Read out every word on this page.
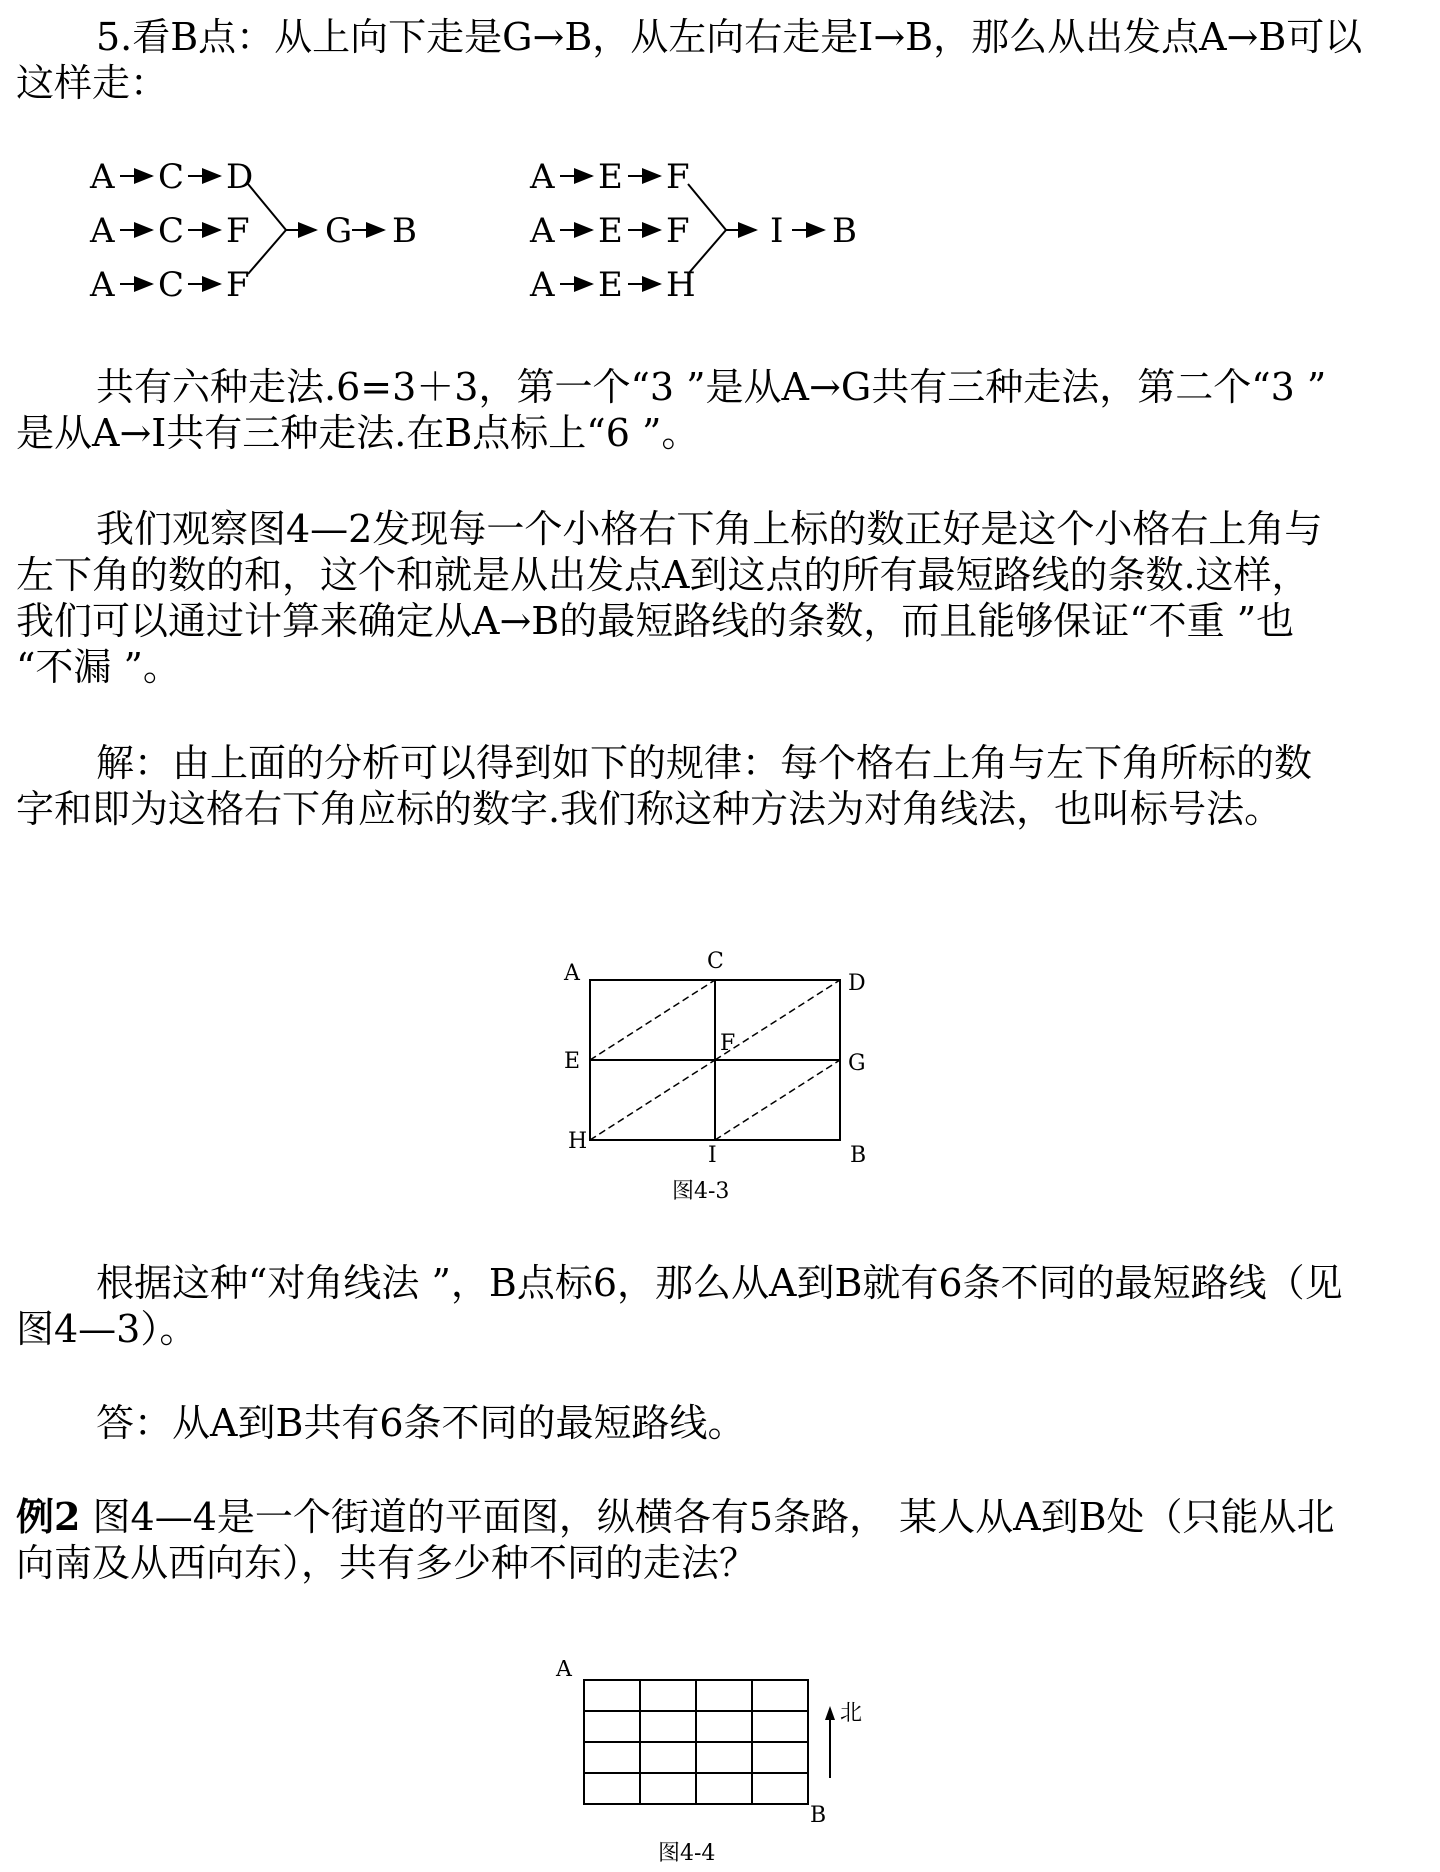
5.看B点：从上向下走是G→B，从左向右走是I→B，那么从出发点A→B可以
这样走：

A C D
A C F
A C F
G B
A E F
A E F
A E H
I B

共有六种走法.6=3＋3，第一个“3 ”是从A→G共有三种走法，第二个“3 ”
是从A→I共有三种走法.在B点标上“6 ”。

我们观察图4—2发现每一个小格右下角上标的数正好是这个小格右上角与
左下角的数的和，这个和就是从出发点A到这点的所有最短路线的条数.这样，
我们可以通过计算来确定从A→B的最短路线的条数，而且能够保证“不重 ”也
“不漏 ”。

解：由上面的分析可以得到如下的规律：每个格右上角与左下角所标的数
字和即为这格右下角应标的数字.我们称这种方法为对角线法，也叫标号法。

A	C
D
E
F
G
H
I	B
图4-3

根据这种“对角线法 ”，B点标6，那么从A到B就有6条不同的最短路线（见
图4—3）。

答：从A到B共有6条不同的最短路线。

例2 图4—4是一个街道的平面图，纵横各有5条路， 某人从A到B处（只能从北
向南及从西向东），共有多少种不同的走法？

A
B
北
图4-4
